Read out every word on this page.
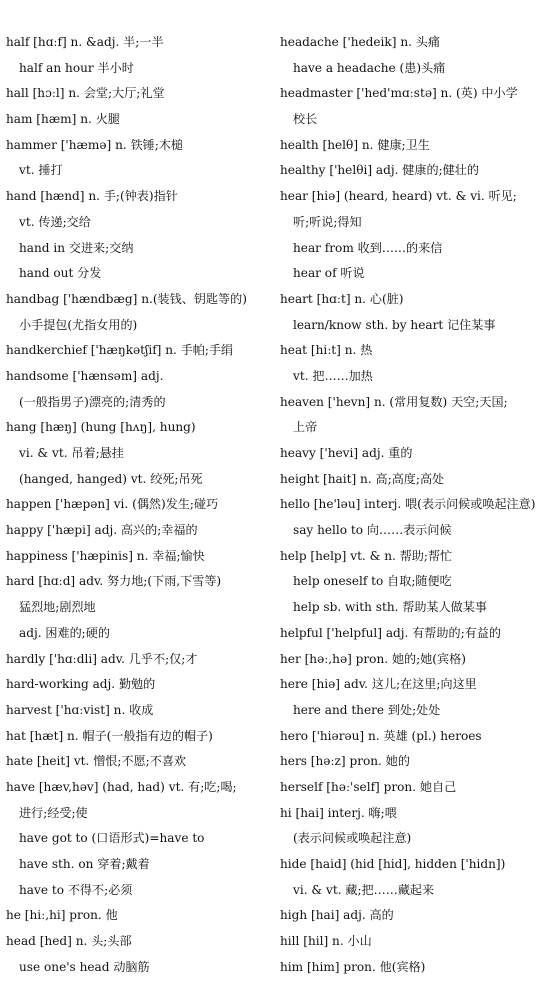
half [hɑːf] n. &adj. 半;一半
half an hour 半小时
hall [hɔːl] n. 会堂;大厅;礼堂
ham [hæm] n. 火腿
hammer ['hæmə] n. 铁锤;木槌
vt. 捶打
hand [hænd] n. 手;(钟表)指针
vt. 传递;交给
hand in 交进来;交纳
hand out 分发
handbag ['hændbæg] n.(装钱、钥匙等的)
小手提包(尤指女用的)
handkerchief ['hæŋkətʃif] n. 手帕;手绢
handsome ['hænsəm] adj.
(一般指男子)漂亮的;清秀的
hang [hæŋ] (hung [hʌŋ], hung)
vi. & vt. 吊着;悬挂
(hanged, hanged) vt. 绞死;吊死
happen ['hæpən] vi. (偶然)发生;碰巧
happy ['hæpi] adj. 高兴的;幸福的
happiness ['hæpinis] n. 幸福;愉快
hard [hɑːd] adv. 努力地;(下雨,下雪等)
猛烈地;剧烈地
adj. 困难的;硬的
hardly ['hɑːdli] adv. 几乎不;仅;才
hard-working adj. 勤勉的
harvest ['hɑːvist] n. 收成
hat [hæt] n. 帽子(一般指有边的帽子)
hate [heit] vt. 憎恨;不愿;不喜欢
have [hæv,həv] (had, had) vt. 有;吃;喝;
进行;经受;使
have got to (口语形式)=have to
have sth. on 穿着;戴着
have to 不得不;必须
he [hiː,hi] pron. 他
head [hed] n. 头;头部
use one's head 动脑筋
headache ['hedeik] n. 头痛
have a headache (患)头痛
headmaster ['hed'mɑːstə] n. (英) 中小学
校长
health [helθ] n. 健康;卫生
healthy ['helθi] adj. 健康的;健壮的
hear [hiə] (heard, heard) vt. & vi. 听见;
听;听说;得知
hear from 收到……的来信
hear of 听说
heart [hɑːt] n. 心(脏)
learn/know sth. by heart 记住某事
heat [hiːt] n. 热
vt. 把……加热
heaven ['hevn] n. (常用复数) 天空;天国;
上帝
heavy ['hevi] adj. 重的
height [hait] n. 高;高度;高处
hello [he'ləu] interj. 喂(表示问候或唤起注意)
say hello to 向……表示问候
help [help] vt. & n. 帮助;帮忙
help oneself to 自取;随便吃
help sb. with sth. 帮助某人做某事
helpful ['helpful] adj. 有帮助的;有益的
her [həː,hə] pron. 她的;她(宾格)
here [hiə] adv. 这儿;在这里;向这里
here and there 到处;处处
hero ['hiərəu] n. 英雄 (pl.) heroes
hers [həːz] pron. 她的
herself [həː'self] pron. 她自己
hi [hai] interj. 嗨;喂
(表示问候或唤起注意)
hide [haid] (hid [hid], hidden ['hidn])
vi. & vt. 藏;把……藏起来
high [hai] adj. 高的
hill [hil] n. 小山
him [him] pron. 他(宾格)
